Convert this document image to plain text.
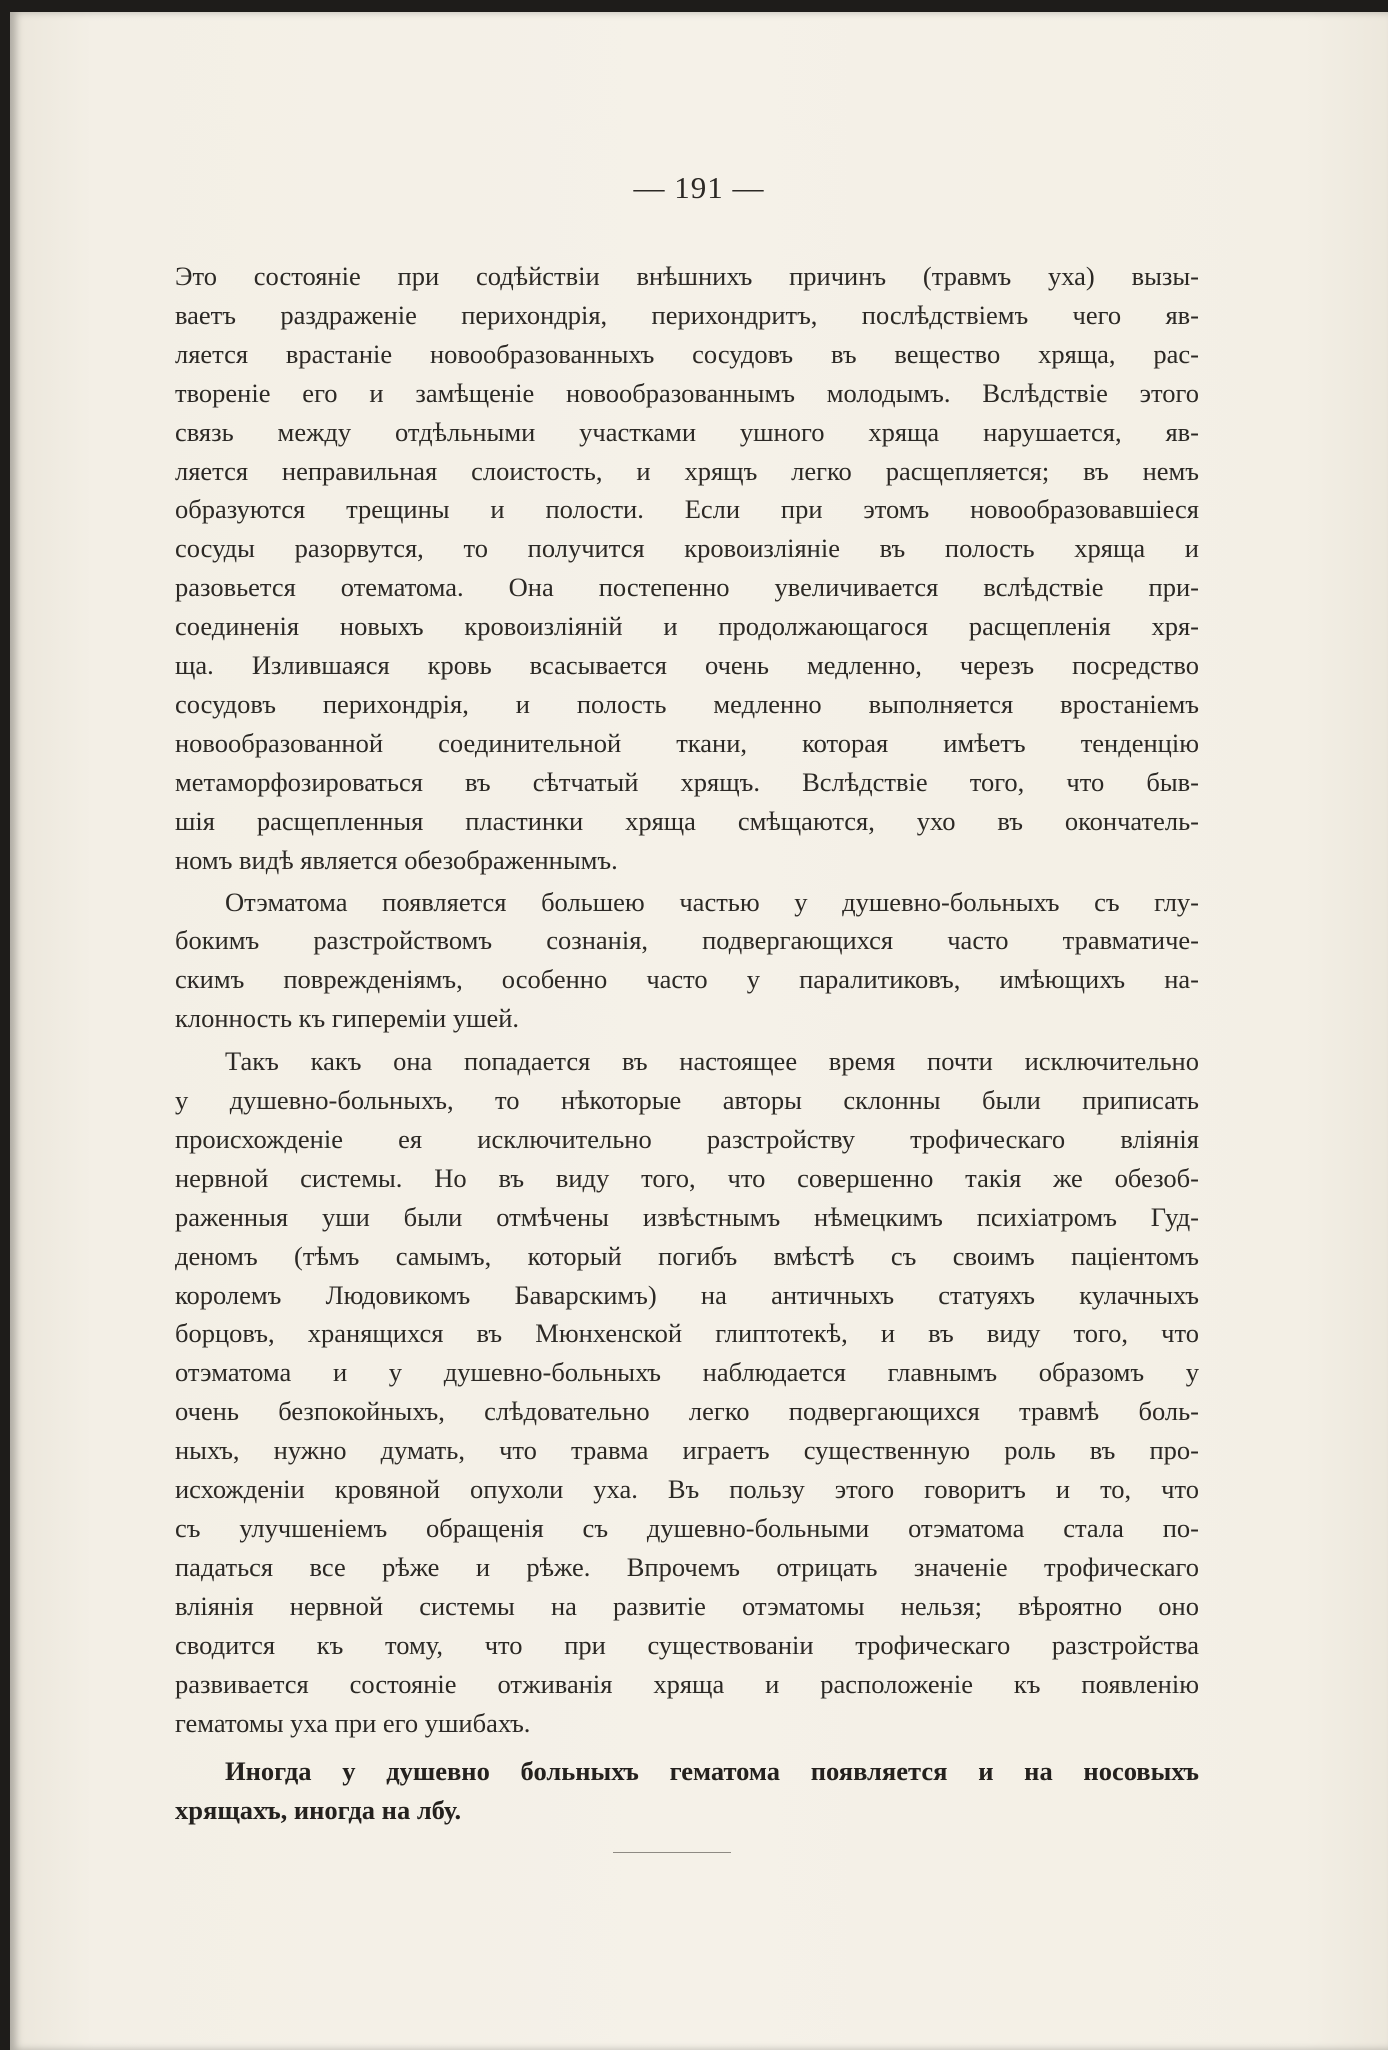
— 191 —
Это состоянiе при содѣйствiи внѣшнихъ причинъ (травмъ уха) вызы-
ваетъ раздраженiе перихондрiя, перихондритъ, послѣдствiемъ чего яв-
ляется врастанiе новообразованныхъ сосудовъ въ вещество хряща, рас-
творенiе его и замѣщенiе новообразованнымъ молодымъ. Вслѣдствiе этого
связь между отдѣльными участками ушного хряща нарушается, яв-
ляется неправильная слоистость, и хрящъ легко расщепляется; въ немъ
образуются трещины и полости. Если при этомъ новообразовавшiеся
сосуды разорвутся, то получится кровоизлiянiе въ полость хряща и
разовьется отематома. Она постепенно увеличивается вслѣдствiе при-
соединенiя новыхъ кровоизлiянiй и продолжающагося расщепленiя хря-
ща. Излившаяся кровь всасывается очень медленно, черезъ посредство
сосудовъ перихондрiя, и полость медленно выполняется вростанiемъ
новообразованной соединительной ткани, которая имѣетъ тенденцiю
метаморфозироваться въ сѣтчатый хрящъ. Вслѣдствiе того, что быв-
шiя расщепленныя пластинки хряща смѣщаются, ухо въ окончатель-
номъ видѣ является обезображеннымъ.
Отэматома появляется большею частью у душевно-больныхъ съ глу-
бокимъ разстройствомъ сознанiя, подвергающихся часто травматиче-
скимъ поврежденiямъ, особенно часто у паралитиковъ, имѣющихъ на-
клонность къ гиперемiи ушей.
Такъ какъ она попадается въ настоящее время почти исключительно
у душевно-больныхъ, то нѣкоторые авторы склонны были приписать
происхожденiе ея исключительно разстройству трофическаго влiянiя
нервной системы. Но въ виду того, что совершенно такiя же обезоб-
раженныя уши были отмѣчены извѣстнымъ нѣмецкимъ психiатромъ Гуд-
деномъ (тѣмъ самымъ, который погибъ вмѣстѣ съ своимъ пацiентомъ
королемъ Людовикомъ Баварскимъ) на античныхъ статуяхъ кулачныхъ
борцовъ, хранящихся въ Мюнхенской глиптотекѣ, и въ виду того, что
отэматома и у душевно-больныхъ наблюдается главнымъ образомъ у
очень безпокойныхъ, слѣдовательно легко подвергающихся травмѣ боль-
ныхъ, нужно думать, что травма играетъ существенную роль въ про-
исхожденiи кровяной опухоли уха. Въ пользу этого говоритъ и то, что
съ улучшенiемъ обращенiя съ душевно-больными отэматома стала по-
падаться все рѣже и рѣже. Впрочемъ отрицать значенiе трофическаго
влiянiя нервной системы на развитiе отэматомы нельзя; вѣроятно оно
сводится къ тому, что при существованiи трофическаго разстройства
развивается состоянiе отживанiя хряща и расположенiе къ появленiю
гематомы уха при его ушибахъ.
Иногда у душевно больныхъ гематома появляется и на носовыхъ
хрящахъ, иногда на лбу.
